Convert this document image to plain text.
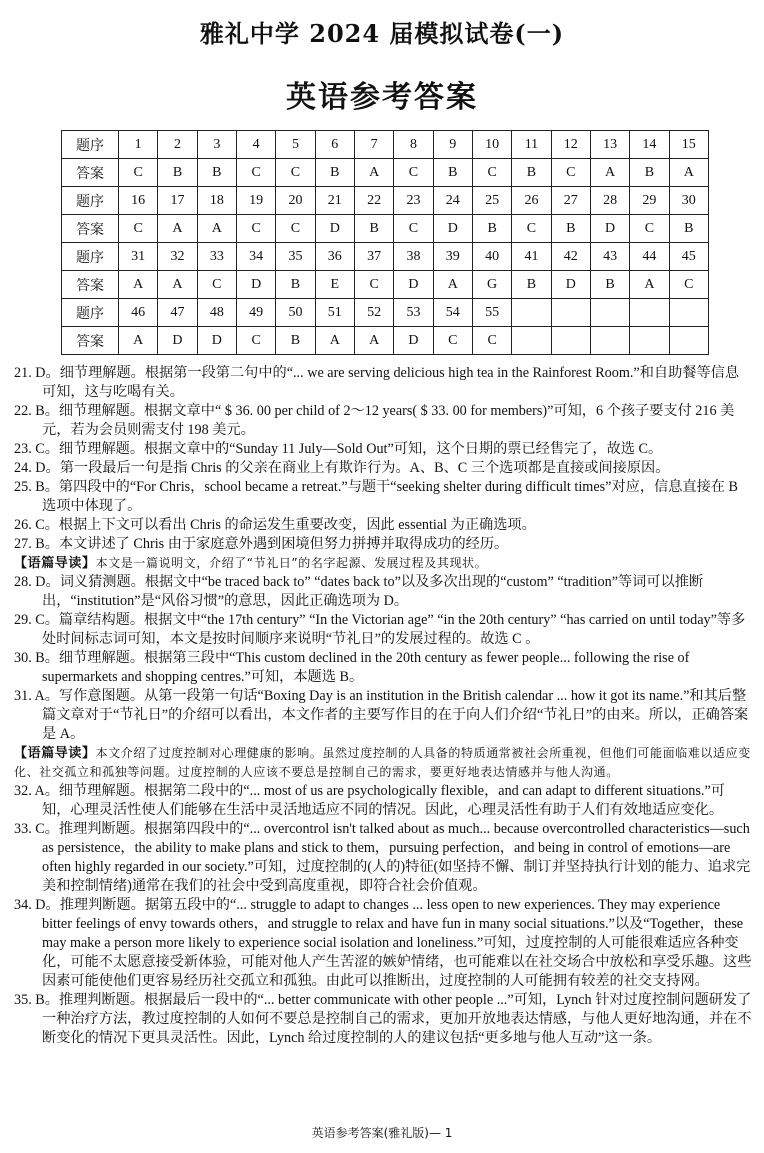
雅礼中学 2024 届模拟试卷(一)
英语参考答案
题序	1	2	3	4	5	6	7	8	9	10	11	12	13	14	15
答案	C	B	B	C	C	B	A	C	B	C	B	C	A	B	A
题序	16	17	18	19	20	21	22	23	24	25	26	27	28	29	30
答案	C	A	A	C	C	D	B	C	D	B	C	B	D	C	B
题序	31	32	33	34	35	36	37	38	39	40	41	42	43	44	45
答案	A	A	C	D	B	E	C	D	A	G	B	D	B	A	C
题序	46	47	48	49	50	51	52	53	54	55					
答案	A	D	D	C	B	A	A	D	C	C					

21. D。细节理解题。根据第一段第二句中的“... we are serving delicious high tea in the Rainforest Room.”和自助餐等信息可知，这与吃喝有关。

22. B。细节理解题。根据文章中“ $ 36. 00 per child of 2～12 years( $ 33. 00 for members)”可知，6 个孩子要支付 216 美元，若为会员则需支付 198 美元。

23. C。细节理解题。根据文章中的“Sunday 11 July—Sold Out”可知，这个日期的票已经售完了，故选 C。

24. D。第一段最后一句是指 Chris 的父亲在商业上有欺诈行为。A、B、C 三个选项都是直接或间接原因。

25. B。第四段中的“For Chris，school became a retreat.”与题干“seeking shelter during difficult times”对应，信息直接在 B 选项中体现了。

26. C。根据上下文可以看出 Chris 的命运发生重要改变，因此 essential 为正确选项。

27. B。本文讲述了 Chris 由于家庭意外遇到困境但努力拼搏并取得成功的经历。

【语篇导读】本文是一篇说明文，介绍了“节礼日”的名字起源、发展过程及其现状。

28. D。词义猜测题。根据文中“be traced back to” “dates back to”以及多次出现的“custom” “tradition”等词可以推断出，“institution”是“风俗习惯”的意思，因此正确选项为 D。

29. C。篇章结构题。根据文中“the 17th century” “In the Victorian age” “in the 20th century” “has carried on until today”等多处时间标志词可知，本文是按时间顺序来说明“节礼日”的发展过程的。故选 C 。

30. B。细节理解题。根据第三段中“This custom declined in the 20th century as fewer people... following the rise of supermarkets and shopping centres.”可知，本题选 B。

31. A。写作意图题。从第一段第一句话“Boxing Day is an institution in the British calendar ... how it got its name.”和其后整篇文章对于“节礼日”的介绍可以看出，本文作者的主要写作目的在于向人们介绍“节礼日”的由来。所以，正确答案是 A。

【语篇导读】本文介绍了过度控制对心理健康的影响。虽然过度控制的人具备的特质通常被社会所重视，但他们可能面临难以适应变化、社交孤立和孤独等问题。过度控制的人应该不要总是控制自己的需求，要更好地表达情感并与他人沟通。

32. A。细节理解题。根据第二段中的“... most of us are psychologically flexible，and can adapt to different situations.”可知，心理灵活性使人们能够在生活中灵活地适应不同的情况。因此，心理灵活性有助于人们有效地适应变化。

33. C。推理判断题。根据第四段中的“... overcontrol isn't talked about as much... because overcontrolled characteristics—such as persistence，the ability to make plans and stick to them，pursuing perfection，and being in control of emotions—are often highly regarded in our society.”可知，过度控制的(人的)特征(如坚持不懈、制订并坚持执行计划的能力、追求完美和控制情绪)通常在我们的社会中受到高度重视，即符合社会价值观。

34. D。推理判断题。据第五段中的“... struggle to adapt to changes ... less open to new experiences. They may experience bitter feelings of envy towards others，and struggle to relax and have fun in many social situations.”以及“Together，these may make a person more likely to experience social isolation and loneliness.”可知，过度控制的人可能很难适应各种变化，可能不太愿意接受新体验，可能对他人产生苦涩的嫉妒情绪，也可能难以在社交场合中放松和享受乐趣。这些因素可能使他们更容易经历社交孤立和孤独。由此可以推断出，过度控制的人可能拥有较差的社交支持网。

35. B。推理判断题。根据最后一段中的“... better communicate with other people ...”可知，Lynch 针对过度控制问题研发了一种治疗方法，教过度控制的人如何不要总是控制自己的需求，更加开放地表达情感，与他人更好地沟通，并在不断变化的情况下更具灵活性。因此，Lynch 给过度控制的人的建议包括“更多地与他人互动”这一条。

英语参考答案(雅礼版)— 1
